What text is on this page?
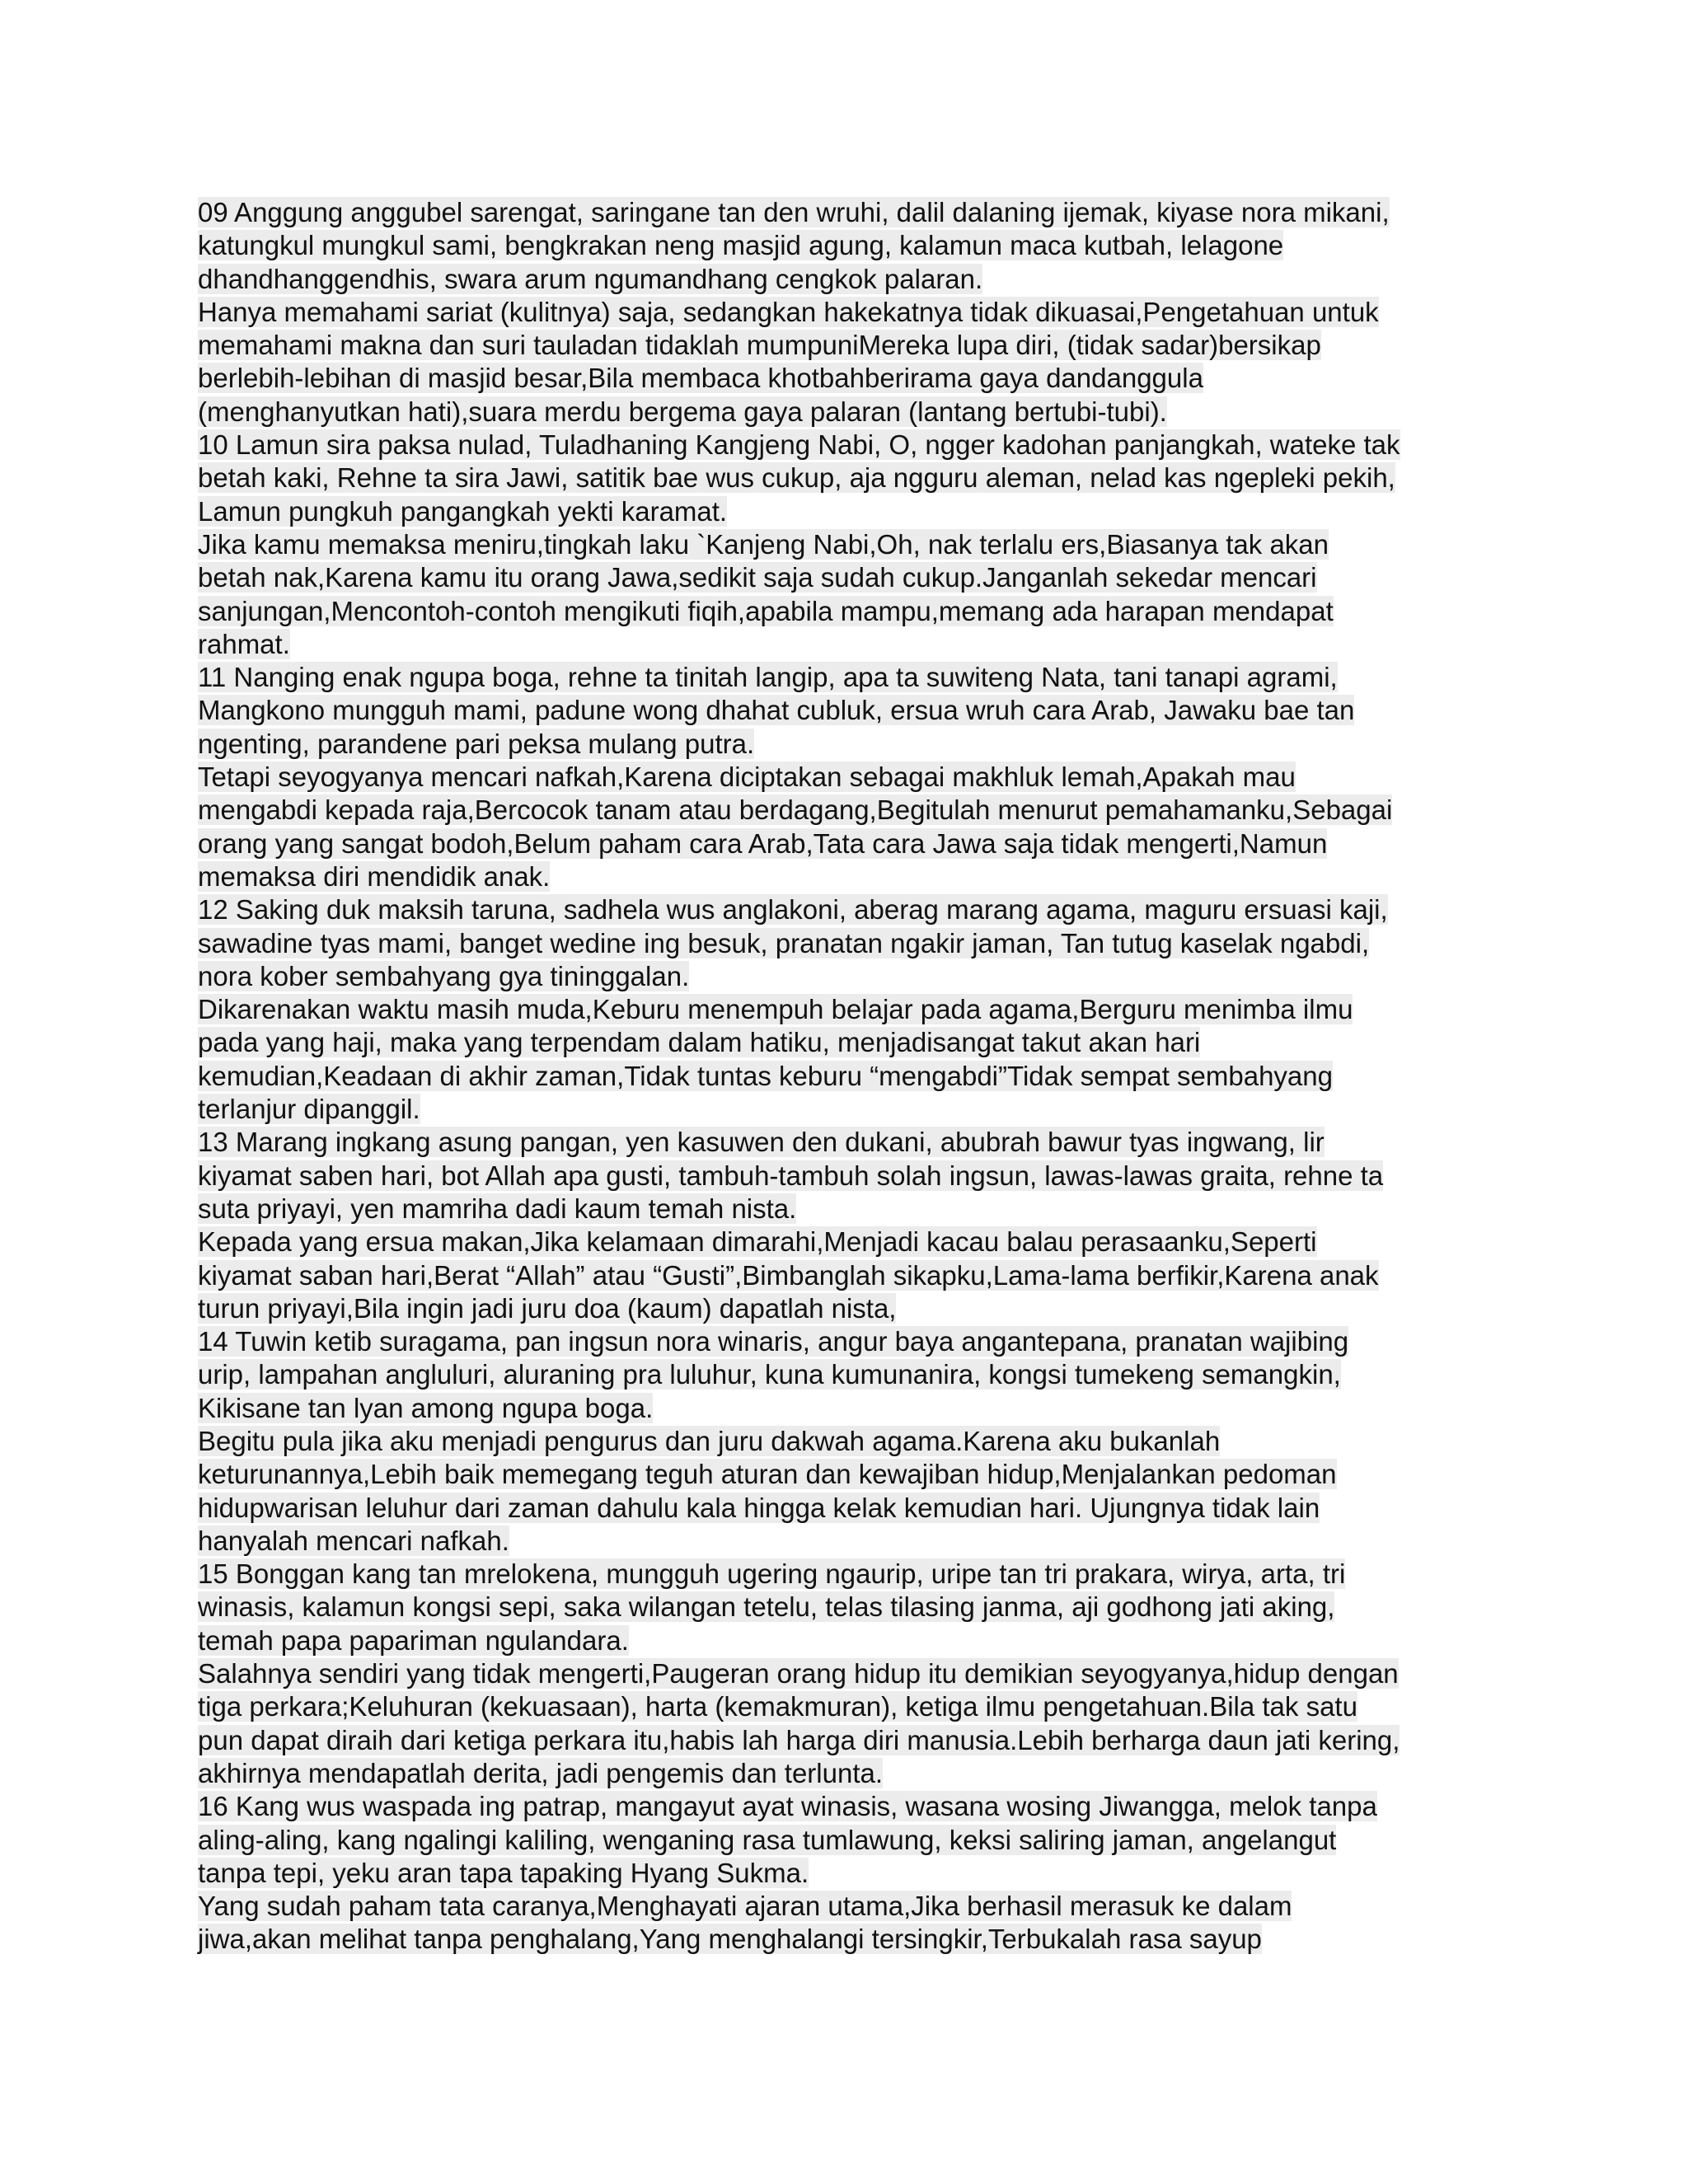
09 Anggung anggubel sarengat, saringane tan den wruhi, dalil dalaning ijemak, kiyase nora mikani,
katungkul mungkul sami, bengkrakan neng masjid agung, kalamun maca kutbah, lelagone
dhandhanggendhis, swara arum ngumandhang cengkok palaran.
Hanya memahami sariat (kulitnya) saja, sedangkan hakekatnya tidak dikuasai,Pengetahuan untuk
memahami makna dan suri tauladan tidaklah mumpuniMereka lupa diri, (tidak sadar)bersikap
berlebih-lebihan di masjid besar,Bila membaca khotbahberirama gaya dandanggula
(menghanyutkan hati),suara merdu bergema gaya palaran (lantang bertubi-tubi).
10 Lamun sira paksa nulad, Tuladhaning Kangjeng Nabi, O, ngger kadohan panjangkah, wateke tak
betah kaki, Rehne ta sira Jawi, satitik bae wus cukup, aja ngguru aleman, nelad kas ngepleki pekih,
Lamun pungkuh pangangkah yekti karamat.
Jika kamu memaksa meniru,tingkah laku `Kanjeng Nabi,Oh, nak terlalu ers,Biasanya tak akan
betah nak,Karena kamu itu orang Jawa,sedikit saja sudah cukup.Janganlah sekedar mencari
sanjungan,Mencontoh-contoh mengikuti fiqih,apabila mampu,memang ada harapan mendapat
rahmat.
11 Nanging enak ngupa boga, rehne ta tinitah langip, apa ta suwiteng Nata, tani tanapi agrami,
Mangkono mungguh mami, padune wong dhahat cubluk, ersua wruh cara Arab, Jawaku bae tan
ngenting, parandene pari peksa mulang putra.
Tetapi seyogyanya mencari nafkah,Karena diciptakan sebagai makhluk lemah,Apakah mau
mengabdi kepada raja,Bercocok tanam atau berdagang,Begitulah menurut pemahamanku,Sebagai
orang yang sangat bodoh,Belum paham cara Arab,Tata cara Jawa saja tidak mengerti,Namun
memaksa diri mendidik anak.
12 Saking duk maksih taruna, sadhela wus anglakoni, aberag marang agama, maguru ersuasi kaji,
sawadine tyas mami, banget wedine ing besuk, pranatan ngakir jaman, Tan tutug kaselak ngabdi,
nora kober sembahyang gya tininggalan.
Dikarenakan waktu masih muda,Keburu menempuh belajar pada agama,Berguru menimba ilmu
pada yang haji, maka yang terpendam dalam hatiku, menjadisangat takut akan hari
kemudian,Keadaan di akhir zaman,Tidak tuntas keburu “mengabdi”Tidak sempat sembahyang
terlanjur dipanggil.
13 Marang ingkang asung pangan, yen kasuwen den dukani, abubrah bawur tyas ingwang, lir
kiyamat saben hari, bot Allah apa gusti, tambuh-tambuh solah ingsun, lawas-lawas graita, rehne ta
suta priyayi, yen mamriha dadi kaum temah nista.
Kepada yang ersua makan,Jika kelamaan dimarahi,Menjadi kacau balau perasaanku,Seperti
kiyamat saban hari,Berat “Allah” atau “Gusti”,Bimbanglah sikapku,Lama-lama berfikir,Karena anak
turun priyayi,Bila ingin jadi juru doa (kaum) dapatlah nista,
14 Tuwin ketib suragama, pan ingsun nora winaris, angur baya angantepana, pranatan wajibing
urip, lampahan angluluri, aluraning pra luluhur, kuna kumunanira, kongsi tumekeng semangkin,
Kikisane tan lyan among ngupa boga.
Begitu pula jika aku menjadi pengurus dan juru dakwah agama.Karena aku bukanlah
keturunannya,Lebih baik memegang teguh aturan dan kewajiban hidup,Menjalankan pedoman
hidupwarisan leluhur dari zaman dahulu kala hingga kelak kemudian hari. Ujungnya tidak lain
hanyalah mencari nafkah.
15 Bonggan kang tan mrelokena, mungguh ugering ngaurip, uripe tan tri prakara, wirya, arta, tri
winasis, kalamun kongsi sepi, saka wilangan tetelu, telas tilasing janma, aji godhong jati aking,
temah papa papariman ngulandara.
Salahnya sendiri yang tidak mengerti,Paugeran orang hidup itu demikian seyogyanya,hidup dengan
tiga perkara;Keluhuran (kekuasaan), harta (kemakmuran), ketiga ilmu pengetahuan.Bila tak satu
pun dapat diraih dari ketiga perkara itu,habis lah harga diri manusia.Lebih berharga daun jati kering,
akhirnya mendapatlah derita, jadi pengemis dan terlunta.
16 Kang wus waspada ing patrap, mangayut ayat winasis, wasana wosing Jiwangga, melok tanpa
aling-aling, kang ngalingi kaliling, wenganing rasa tumlawung, keksi saliring jaman, angelangut
tanpa tepi, yeku aran tapa tapaking Hyang Sukma.
Yang sudah paham tata caranya,Menghayati ajaran utama,Jika berhasil merasuk ke dalam
jiwa,akan melihat tanpa penghalang,Yang menghalangi tersingkir,Terbukalah rasa sayup
